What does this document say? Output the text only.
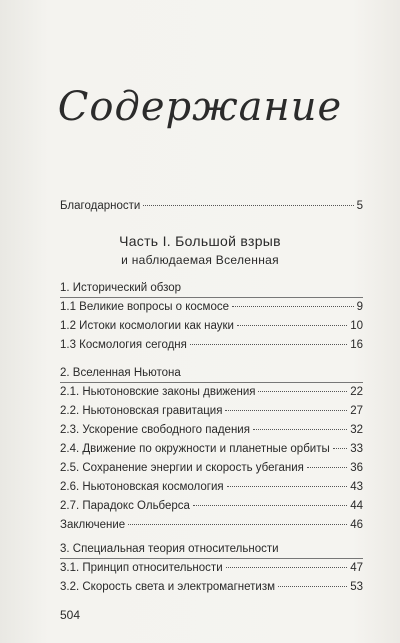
Содержание
Благодарности	5
Часть I. Большой взрыв
и наблюдаемая Вселенная
1. Исторический обзор
1.1 Великие вопросы о космосе	9
1.2 Истоки космологии как науки	10
1.3 Космология сегодня	16
2. Вселенная Ньютона
2.1. Ньютоновские законы движения	22
2.2. Ньютоновская гравитация	27
2.3. Ускорение свободного падения	32
2.4. Движение по окружности и планетные орбиты 33
2.5. Сохранение энергии и скорость убегания	36
2.6. Ньютоновская космология	43
2.7. Парадокс Ольберса	44
Заключение	46
3. Специальная теория относительности
3.1. Принцип относительности	47
3.2. Скорость света и электромагнетизм	53
504
